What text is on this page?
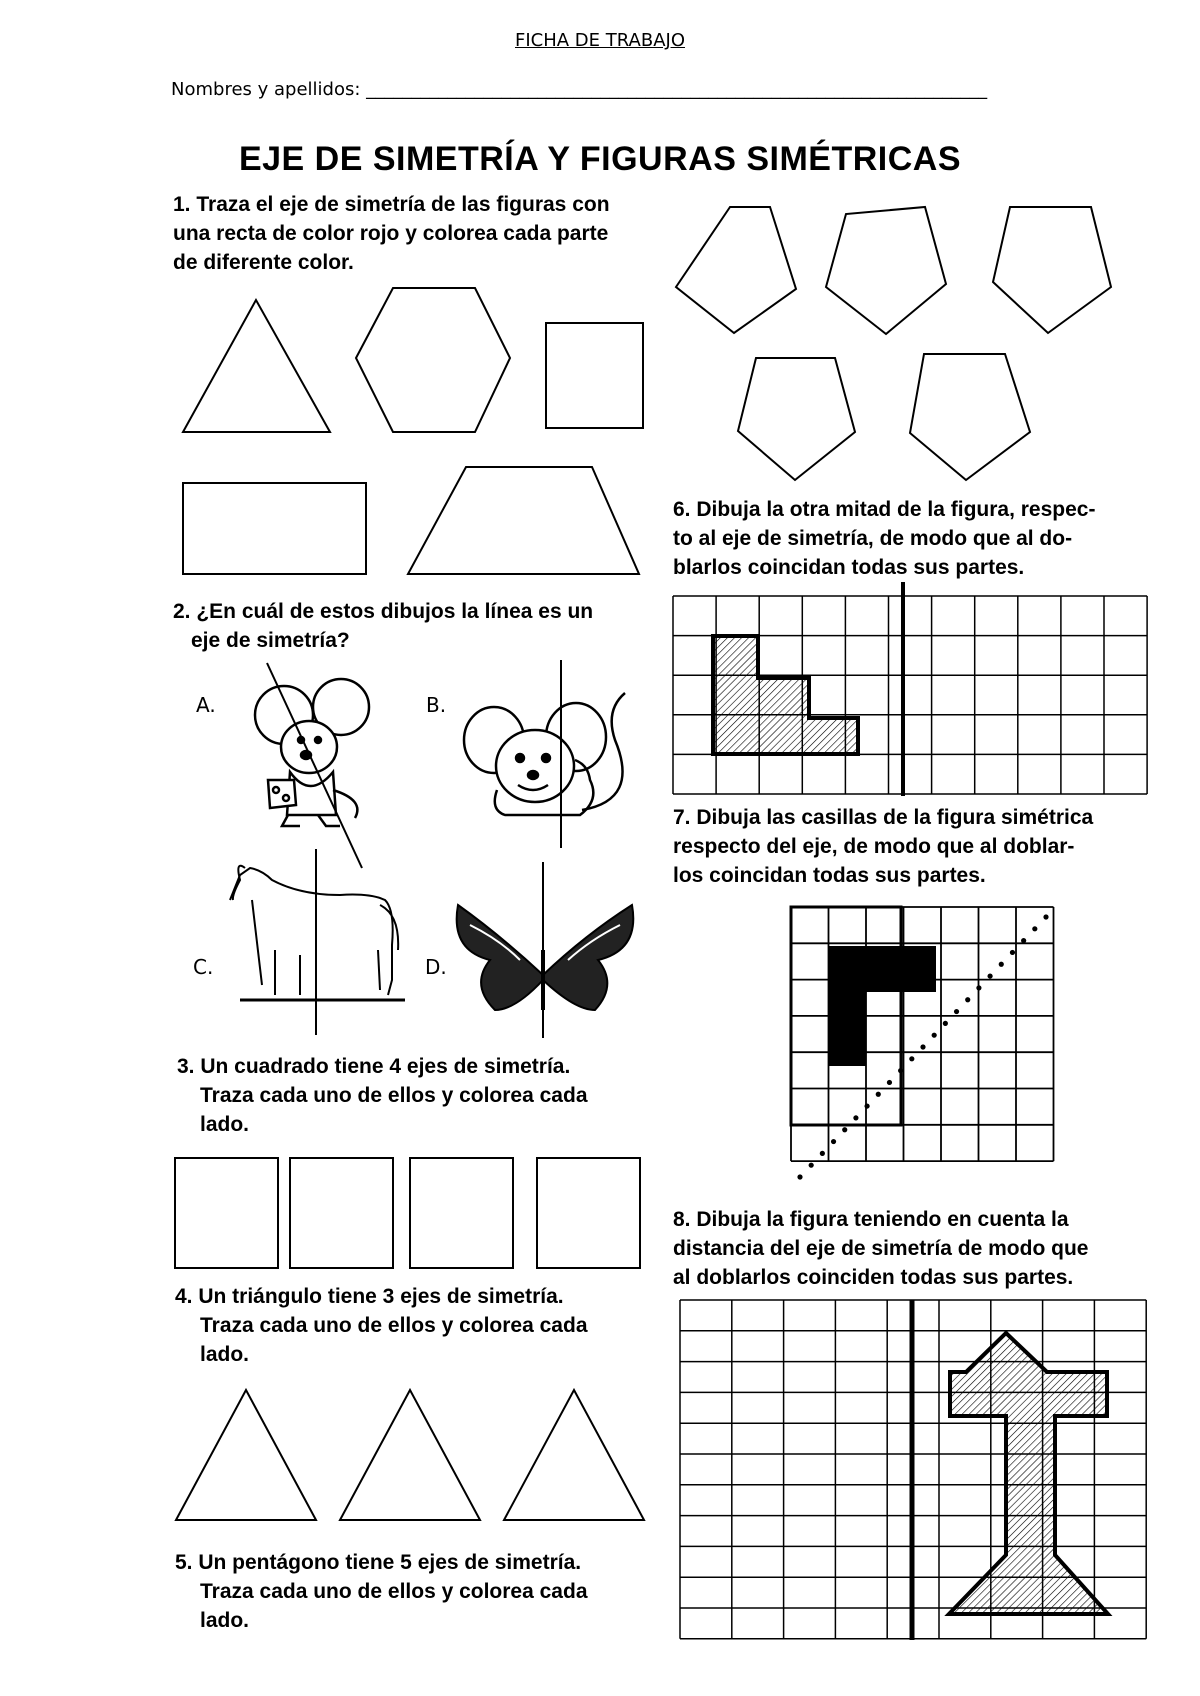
FICHA DE TRABAJO
Nombres y apellidos: _____________________________________________________________________
EJE DE SIMETRÍA Y FIGURAS SIMÉTRICAS
1. Traza el eje de simetría de las figuras con
una recta de color rojo y colorea cada parte
de diferente color.
6. Dibuja la otra mitad de la figura, respec-
to al eje de simetría, de modo que al do-
blarlos coincidan todas sus partes.
2. ¿En cuál de estos dibujos la línea es un
eje de simetría?
A.	B.
C.	D.
7. Dibuja las casillas de la figura simétrica
respecto del eje, de modo que al doblar-
los coincidan todas sus partes.
3. Un cuadrado tiene 4 ejes de simetría.
Traza cada uno de ellos y colorea cada
lado.
8. Dibuja la figura teniendo en cuenta la
distancia del eje de simetría de modo que
al doblarlos coinciden todas sus partes.
4. Un triángulo tiene 3 ejes de simetría.
Traza cada uno de ellos y colorea cada
lado.
5. Un pentágono tiene 5 ejes de simetría.
Traza cada uno de ellos y colorea cada
lado.
